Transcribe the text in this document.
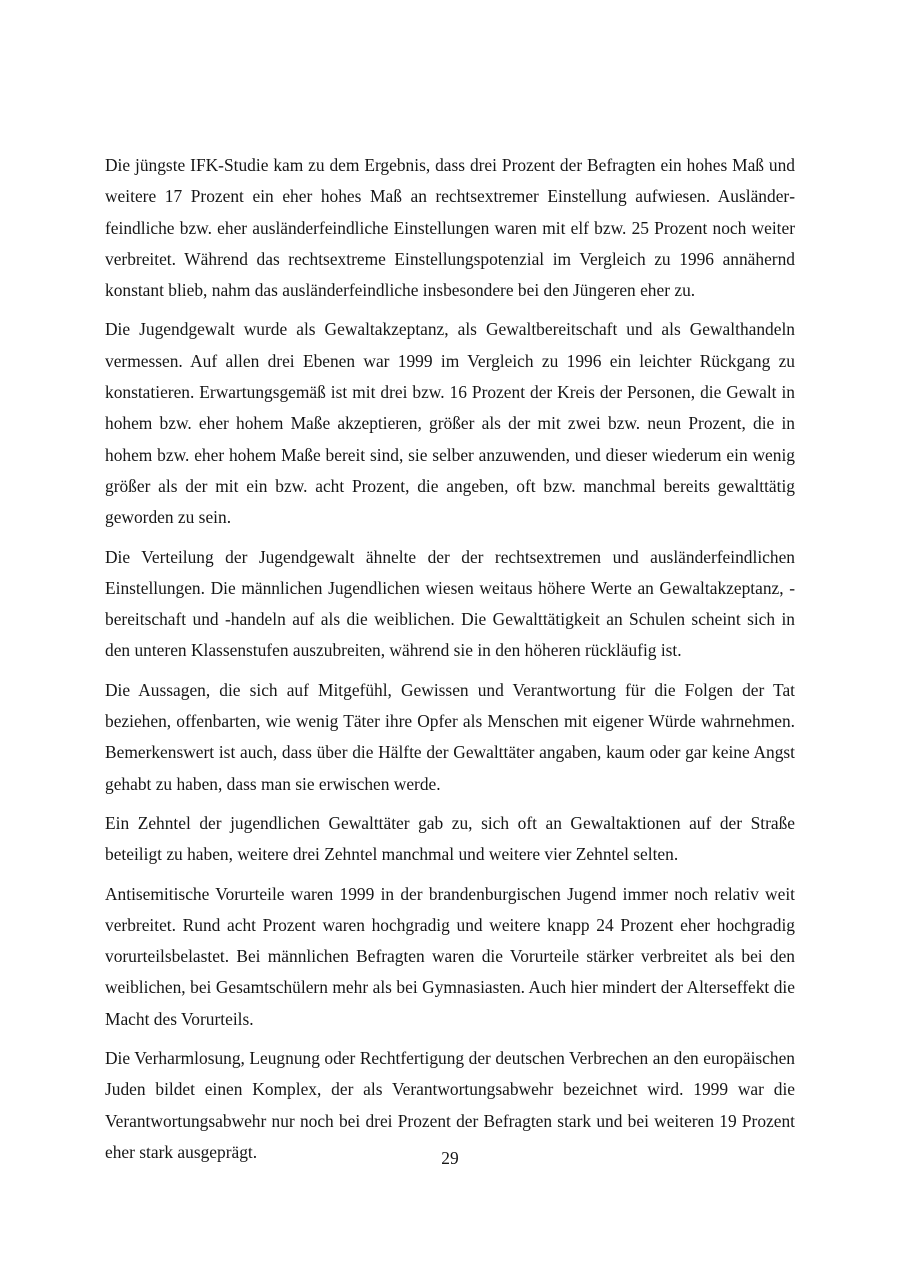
Die jüngste IFK-Studie kam zu dem Ergebnis, dass drei Prozent der Befragten ein hohes Maß und weitere 17 Prozent ein eher hohes Maß an rechtsextremer Einstellung aufwiesen. Ausländerfeindliche bzw. eher ausländerfeindliche Einstellungen waren mit elf bzw. 25 Prozent noch weiter verbreitet. Während das rechtsextreme Einstellungspotenzial im Vergleich zu 1996 annähernd konstant blieb, nahm das ausländerfeindliche insbesondere bei den Jüngeren eher zu.

Die Jugendgewalt wurde als Gewaltakzeptanz, als Gewaltbereitschaft und als Gewalthandeln vermessen. Auf allen drei Ebenen war 1999 im Vergleich zu 1996 ein leichter Rückgang zu konstatieren. Erwartungsgemäß ist mit drei bzw. 16 Prozent der Kreis der Personen, die Gewalt in hohem bzw. eher hohem Maße akzeptieren, größer als der mit zwei bzw. neun Prozent, die in hohem bzw. eher hohem Maße bereit sind, sie selber anzuwenden, und dieser wiederum ein wenig größer als der mit ein bzw. acht Prozent, die angeben, oft bzw. manchmal bereits gewalttätig geworden zu sein.

Die Verteilung der Jugendgewalt ähnelte der der rechtsextremen und ausländerfeindlichen Einstellungen. Die männlichen Jugendlichen wiesen weitaus höhere Werte an Gewaltakzeptanz, -bereitschaft und -handeln auf als die weiblichen. Die Gewalttätigkeit an Schulen scheint sich in den unteren Klassenstufen auszubreiten, während sie in den höheren rückläufig ist.

Die Aussagen, die sich auf Mitgefühl, Gewissen und Verantwortung für die Folgen der Tat beziehen, offenbarten, wie wenig Täter ihre Opfer als Menschen mit eigener Würde wahrnehmen. Bemerkenswert ist auch, dass über die Hälfte der Gewalttäter angaben, kaum oder gar keine Angst gehabt zu haben, dass man sie erwischen werde.

Ein Zehntel der jugendlichen Gewalttäter gab zu, sich oft an Gewaltaktionen auf der Straße beteiligt zu haben, weitere drei Zehntel manchmal und weitere vier Zehntel selten.

Antisemitische Vorurteile waren 1999 in der brandenburgischen Jugend immer noch relativ weit verbreitet. Rund acht Prozent waren hochgradig und weitere knapp 24 Prozent eher hochgradig vorurteilsbelastet. Bei männlichen Befragten waren die Vorurteile stärker verbreitet als bei den weiblichen, bei Gesamtschülern mehr als bei Gymnasiasten. Auch hier mindert der Alterseffekt die Macht des Vorurteils.

Die Verharmlosung, Leugnung oder Rechtfertigung der deutschen Verbrechen an den europäischen Juden bildet einen Komplex, der als Verantwortungsabwehr bezeichnet wird. 1999 war die Verantwortungsabwehr nur noch bei drei Prozent der Befragten stark und bei weiteren 19 Prozent eher stark ausgeprägt.	29
